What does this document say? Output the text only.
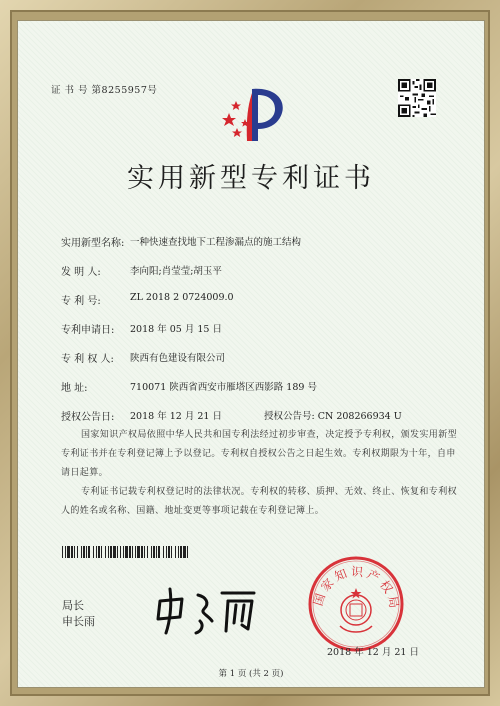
证 书 号 第8255957号
实用新型专利证书
实用新型名称: 一种快速查找地下工程渗漏点的施工结构
发 明 人:	李向阳;肖莹莹;胡玉平
专 利 号:	ZL 2018 2 0724009.0
专利申请日: 2018 年 05 月 15 日
专 利 权 人: 陕西有色建设有限公司
地 址:	710071 陕西省西安市雁塔区西影路 189 号
授权公告日: 2018 年 12 月 21 日	授权公告号: CN 208266934 U
国家知识产权局依照中华人民共和国专利法经过初步审查，决定授予专利权，颁发实用新型专利证书并在专利登记簿上予以登记。专利权自授权公告之日起生效。专利权期限为十年，自申请日起算。
专利证书记载专利权登记时的法律状况。专利权的转移、质押、无效、终止、恢复和专利权人的姓名或名称、国籍、地址变更等事项记载在专利登记簿上。
局长
申长雨
国家知识产权局
2018 年 12 月 21 日
第 1 页 (共 2 页)
